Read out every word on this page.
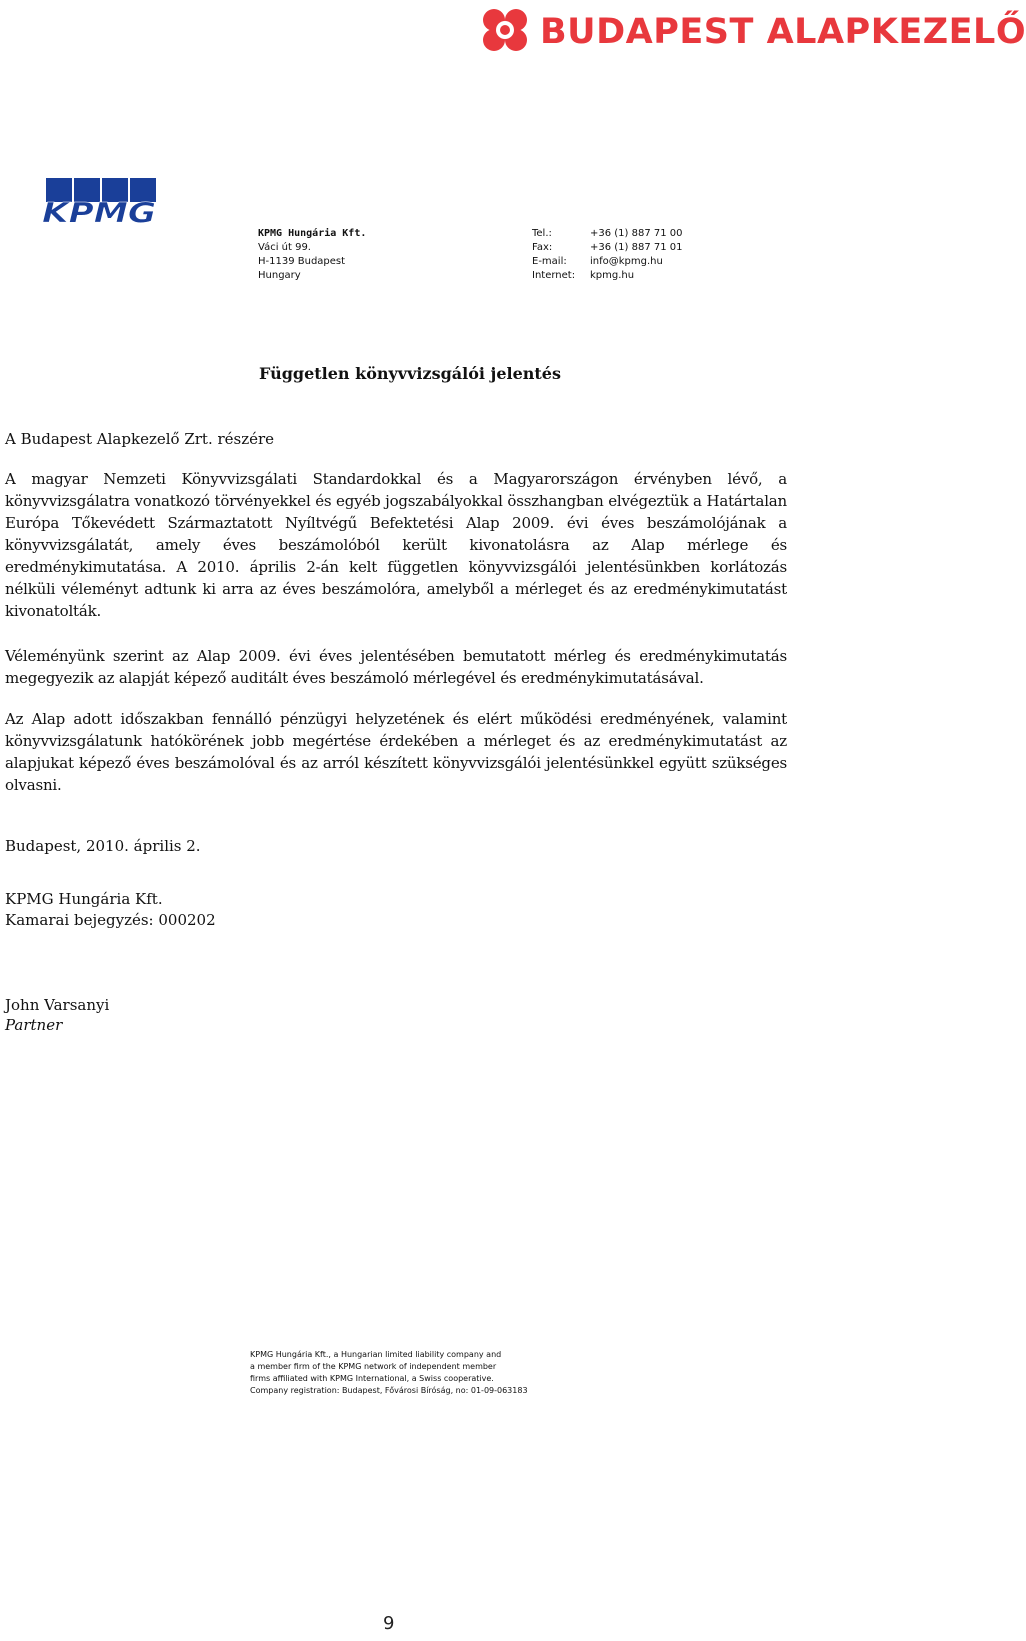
BUDAPEST ALAPKEZELŐ
KPMG
KPMG Hungária Kft.
Váci út 99.
H-1139 Budapest
Hungary
Tel.:	+36 (1) 887 71 00
Fax:	+36 (1) 887 71 01
E-mail:	info@kpmg.hu
Internet:	kpmg.hu
Független könyvvizsgálói jelentés
A Budapest Alapkezelő Zrt. részére
A magyar Nemzeti Könyvvizsgálati Standardokkal és a Magyarországon érvényben lévő, a könyvvizsgálatra vonatkozó törvényekkel és egyéb jogszabályokkal összhangban elvégeztük a Határtalan Európa Tőkevédett Származtatott Nyíltvégű Befektetési Alap 2009. évi éves beszámolójának a könyvvizsgálatát, amely éves beszámolóból került kivonatolásra az Alap mérlege és eredménykimutatása. A 2010. április 2-án kelt független könyvvizsgálói jelentésünkben korlátozás nélküli véleményt adtunk ki arra az éves beszámolóra, amelyből a mérleget és az eredménykimutatást kivonatolták.
Véleményünk szerint az Alap 2009. évi éves jelentésében bemutatott mérleg és eredménykimutatás megegyezik az alapját képező auditált éves beszámoló mérlegével és eredménykimutatásával.
Az Alap adott időszakban fennálló pénzügyi helyzetének és elért működési eredményének, valamint könyvvizsgálatunk hatókörének jobb megértése érdekében a mérleget és az eredménykimutatást az alapjukat képező éves beszámolóval és az arról készített könyvvizsgálói jelentésünkkel együtt szükséges olvasni.
Budapest, 2010. április 2.
KPMG Hungária Kft.
Kamarai bejegyzés: 000202
John Varsanyi
Partner
KPMG Hungária Kft., a Hungarian limited liability company and
a member firm of the KPMG network of independent member
firms affiliated with KPMG International, a Swiss cooperative.
Company registration: Budapest, Fővárosi Bíróság, no: 01-09-063183
9
